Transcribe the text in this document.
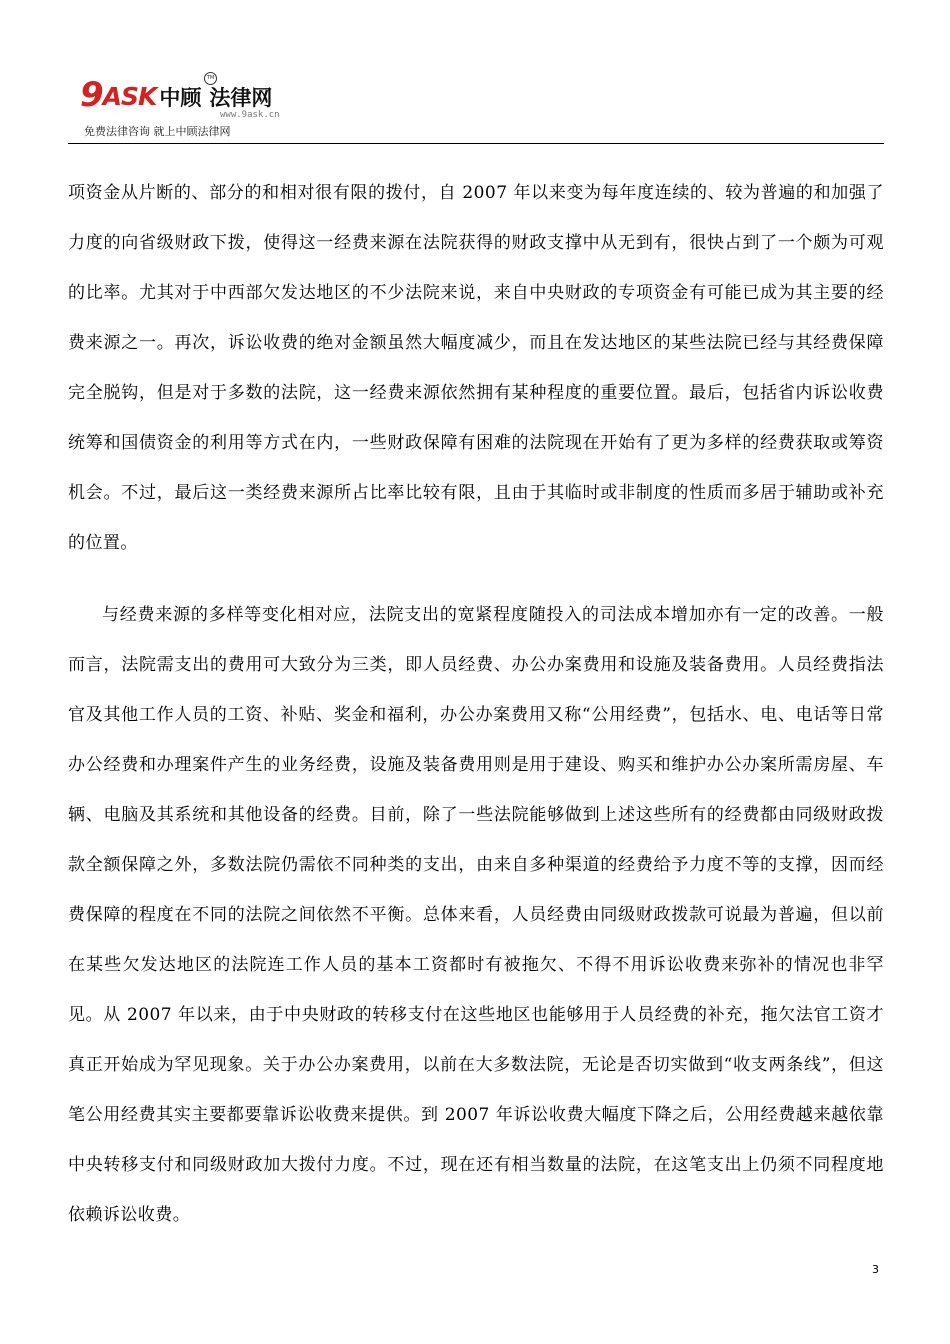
9 ASK 中顾 法律网
TM
www.9ask.cn
免费法律咨询 就上中顾法律网

项资金从片断的、部分的和相对很有限的拨付，自 2007 年以来变为每年度连续的、较为普遍的和加强了力度的向省级财政下拨，使得这一经费来源在法院获得的财政支撑中从无到有，很快占到了一个颇为可观的比率。尤其对于中西部欠发达地区的不少法院来说，来自中央财政的专项资金有可能已成为其主要的经费来源之一。再次，诉讼收费的绝对金额虽然大幅度减少，而且在发达地区的某些法院已经与其经费保障完全脱钩，但是对于多数的法院，这一经费来源依然拥有某种程度的重要位置。最后，包括省内诉讼收费统筹和国债资金的利用等方式在内，一些财政保障有困难的法院现在开始有了更为多样的经费获取或筹资机会。不过，最后这一类经费来源所占比率比较有限，且由于其临时或非制度的性质而多居于辅助或补充的位置。

与经费来源的多样等变化相对应，法院支出的宽紧程度随投入的司法成本增加亦有一定的改善。一般而言，法院需支出的费用可大致分为三类，即人员经费、办公办案费用和设施及装备费用。人员经费指法官及其他工作人员的工资、补贴、奖金和福利，办公办案费用又称“公用经费”，包括水、电、电话等日常办公经费和办理案件产生的业务经费，设施及装备费用则是用于建设、购买和维护办公办案所需房屋、车辆、电脑及其系统和其他设备的经费。目前，除了一些法院能够做到上述这些所有的经费都由同级财政拨款全额保障之外，多数法院仍需依不同种类的支出，由来自多种渠道的经费给予力度不等的支撑，因而经费保障的程度在不同的法院之间依然不平衡。总体来看，人员经费由同级财政拨款可说最为普遍，但以前在某些欠发达地区的法院连工作人员的基本工资都时有被拖欠、不得不用诉讼收费来弥补的情况也非罕见。从 2007 年以来，由于中央财政的转移支付在这些地区也能够用于人员经费的补充，拖欠法官工资才真正开始成为罕见现象。关于办公办案费用，以前在大多数法院，无论是否切实做到“收支两条线”，但这笔公用经费其实主要都要靠诉讼收费来提供。到 2007 年诉讼收费大幅度下降之后，公用经费越来越依靠中央转移支付和同级财政加大拨付力度。不过，现在还有相当数量的法院，在这笔支出上仍须不同程度地依赖诉讼收费。

3
